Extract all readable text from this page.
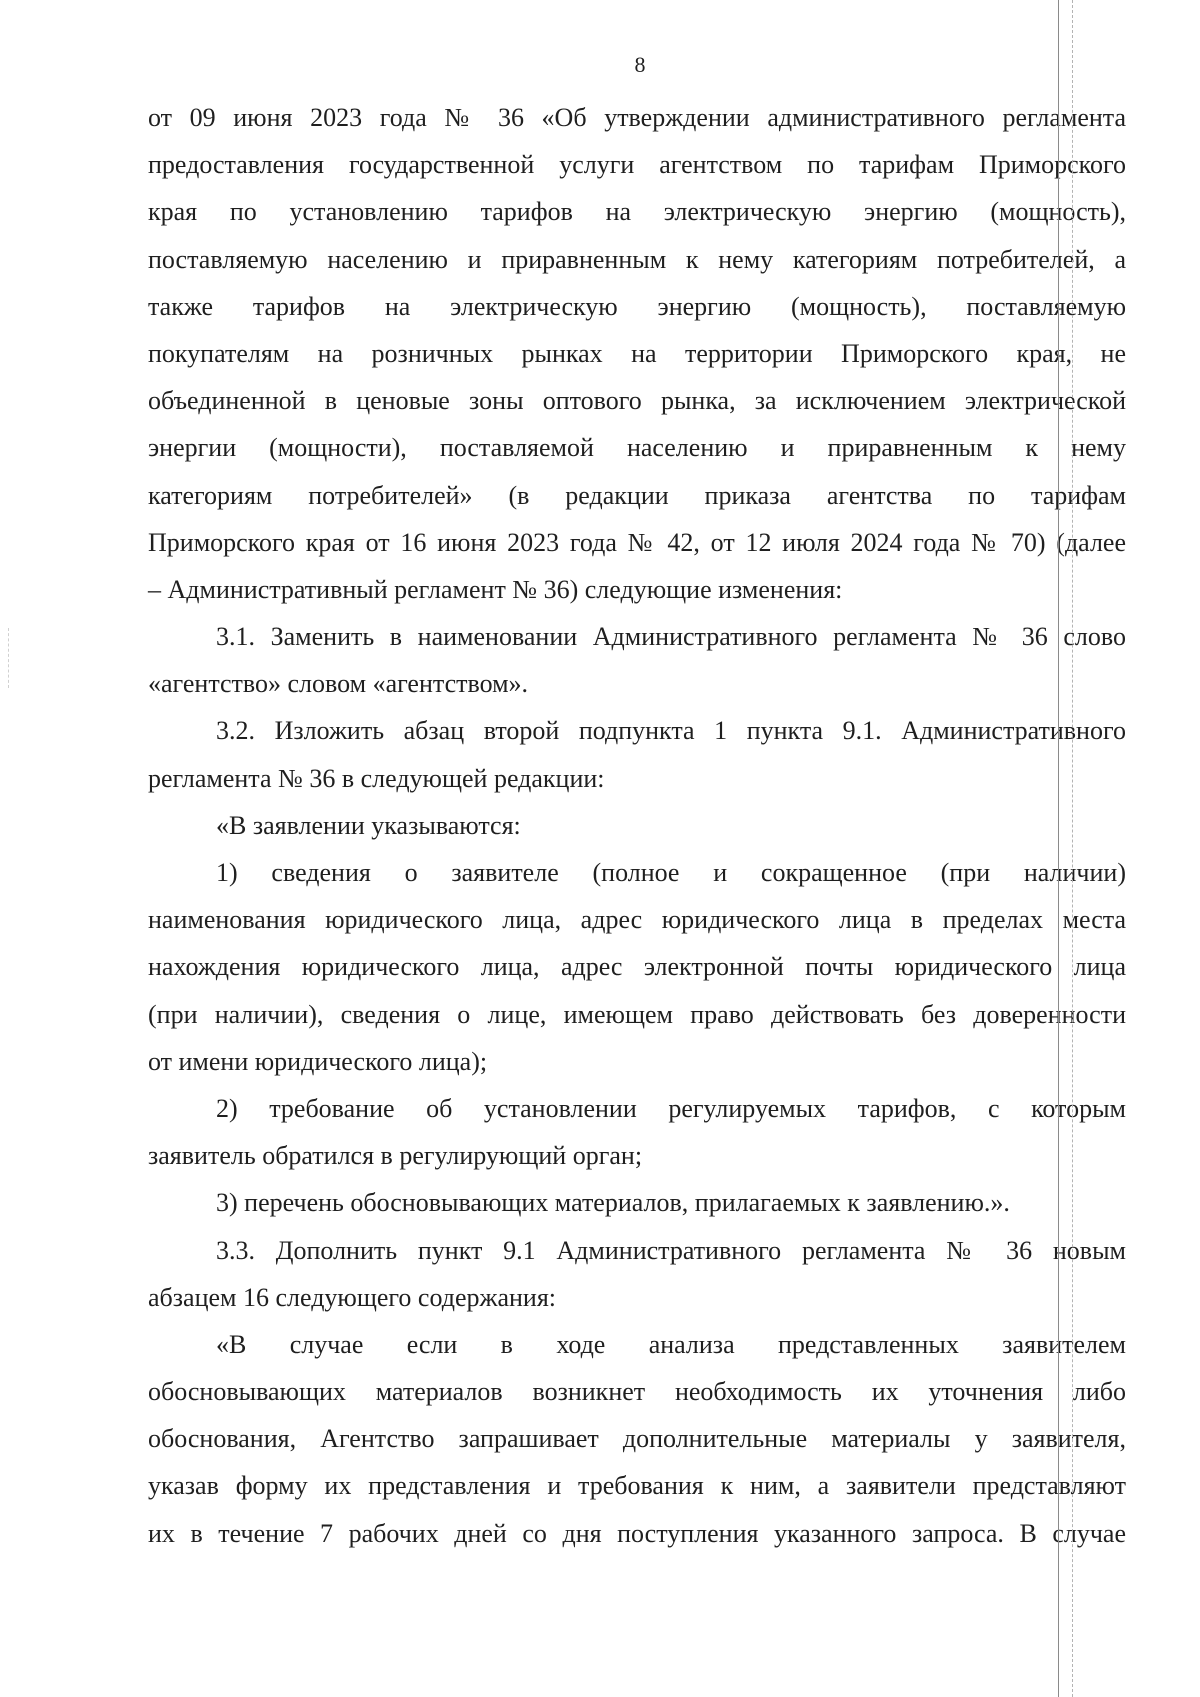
8
от 09 июня 2023 года № 36 «Об утверждении административного регламента
предоставления государственной услуги агентством по тарифам Приморского
края по установлению тарифов на электрическую энергию (мощность),
поставляемую населению и приравненным к нему категориям потребителей, а
также тарифов на электрическую энергию (мощность), поставляемую
покупателям на розничных рынках на территории Приморского края, не
объединенной в ценовые зоны оптового рынка, за исключением электрической
энергии (мощности), поставляемой населению и приравненным к нему
категориям потребителей» (в редакции приказа агентства по тарифам
Приморского края от 16 июня 2023 года № 42, от 12 июля 2024 года № 70) (далее
– Административный регламент № 36) следующие изменения:
3.1. Заменить в наименовании Административного регламента № 36 слово
«агентство» словом «агентством».
3.2. Изложить абзац второй подпункта 1 пункта 9.1. Административного
регламента № 36 в следующей редакции:
«В заявлении указываются:
1) сведения о заявителе (полное и сокращенное (при наличии)
наименования юридического лица, адрес юридического лица в пределах места
нахождения юридического лица, адрес электронной почты юридического лица
(при наличии), сведения о лице, имеющем право действовать без доверенности
от имени юридического лица);
2) требование об установлении регулируемых тарифов, с которым
заявитель обратился в регулирующий орган;
3) перечень обосновывающих материалов, прилагаемых к заявлению.».
3.3. Дополнить пункт 9.1 Административного регламента № 36 новым
абзацем 16 следующего содержания:
«В случае если в ходе анализа представленных заявителем
обосновывающих материалов возникнет необходимость их уточнения либо
обоснования, Агентство запрашивает дополнительные материалы у заявителя,
указав форму их представления и требования к ним, а заявители представляют
их в течение 7 рабочих дней со дня поступления указанного запроса. В случае
